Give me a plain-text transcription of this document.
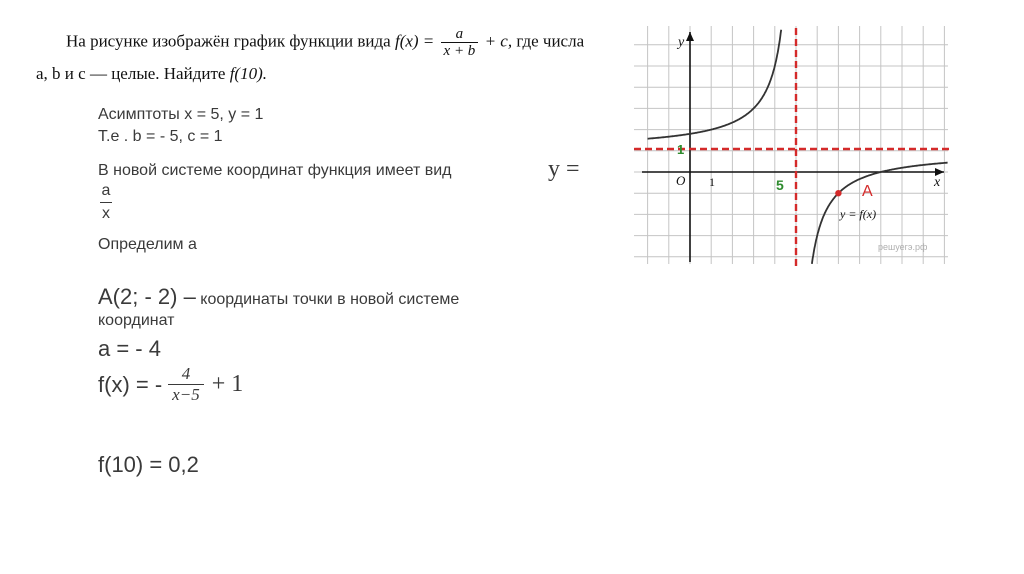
На рисунке изображён график функции вида $f(x) = \frac{a}{x + b} + c$, где числа
a, b и c — целые. Найдите f(10).
Асимптоты x = 5, y = 1
Т.е . b = - 5, c = 1
В новой системе координат функция имеет вид	y =
a
x
Определим а
A(2; - 2) – координаты точки в новой системе
координат
a = - 4
f(x) = - $\frac{4}{x-5} + 1$
f(10) = 0,2
x
y
O 1	5
1
A
y = f(x)
решуегэ.рф
